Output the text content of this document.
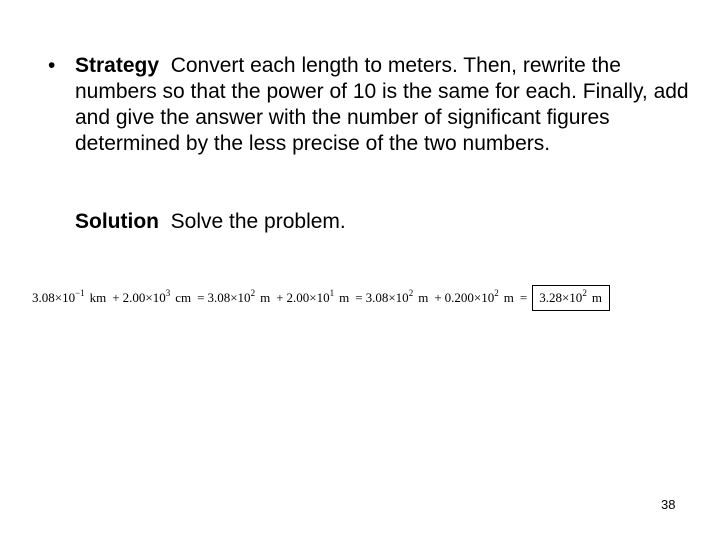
• Strategy Convert each length to meters. Then, rewrite the numbers so that the power of 10 is the same for each. Finally, add and give the answer with the number of significant figures determined by the less precise of the two numbers.
Solution Solve the problem.
$3.08\times 10^{-1}$ km + $2.00\times 10^3$ cm = $3.08\times 10^2$ $m + 2.00\times 10^1$ $m = 3.08\times 10^2$ $m + 0.200\times 10^2$ $m = 3.28\times 10^2$ m
38
